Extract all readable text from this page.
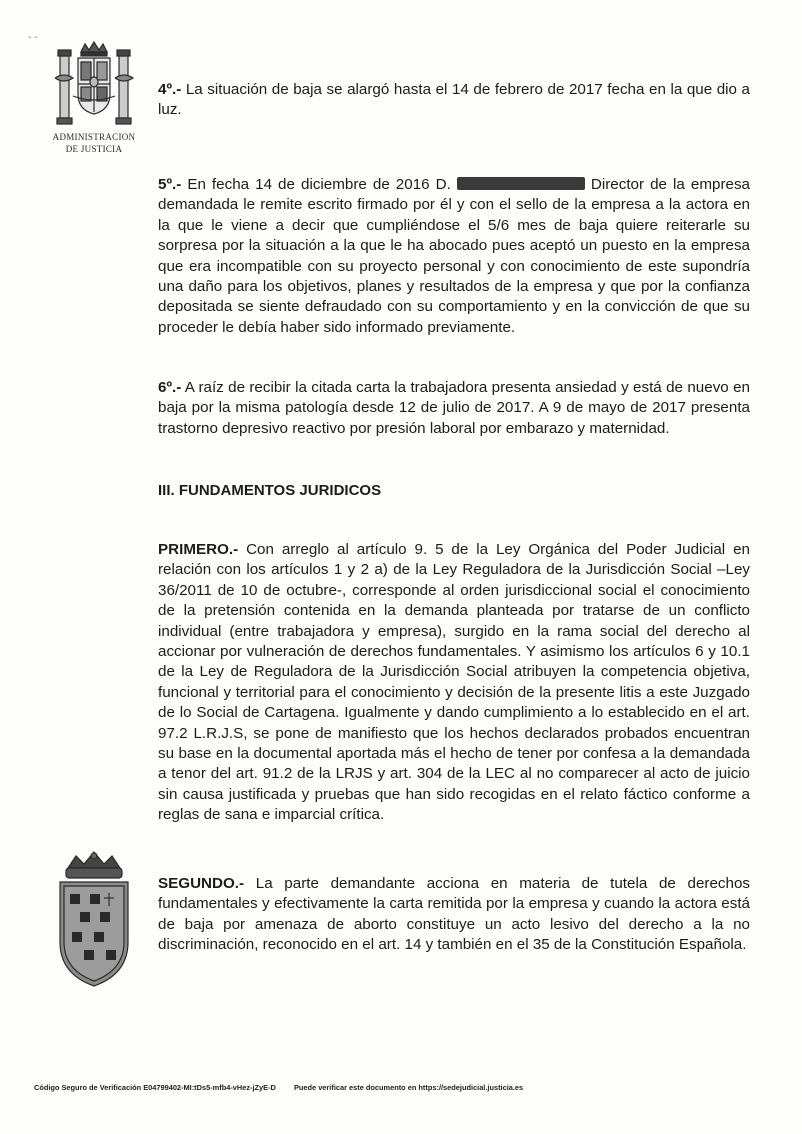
- -
ADMINISTRACION
DE JUSTICIA

4º.- La situación de baja se alargó hasta el 14 de febrero de 2017 fecha en la que dio a luz.

5º.- En fecha 14 de diciembre de 2016 D.	Director de la empresa demandada le remite escrito firmado por él y con el sello de la empresa a la actora en la que le viene a decir que cumpliéndose el 5/6 mes de baja quiere reiterarle su sorpresa por la situación a la que le ha abocado pues aceptó un puesto en la empresa que era incompatible con su proyecto personal y con conocimiento de este supondría una daño para los objetivos, planes y resultados de la empresa y que por la confianza depositada se siente defraudado con su comportamiento y en la convicción de que su proceder le debía haber sido informado previamente.

6º.- A raíz de recibir la citada carta la trabajadora presenta ansiedad y está de nuevo en baja por la misma patología desde 12 de julio de 2017. A 9 de mayo de 2017 presenta trastorno depresivo reactivo por presión laboral por embarazo y maternidad.

III. FUNDAMENTOS JURIDICOS

PRIMERO.- Con arreglo al artículo 9. 5 de la Ley Orgánica del Poder Judicial en relación con los artículos 1 y 2 a) de la Ley Reguladora de la Jurisdicción Social –Ley 36/2011 de 10 de octubre-, corresponde al orden jurisdiccional social el conocimiento de la pretensión contenida en la demanda planteada por tratarse de un conflicto individual (entre trabajadora y empresa), surgido en la rama social del derecho al accionar por vulneración de derechos fundamentales. Y asimismo los artículos 6 y 10.1 de la Ley de Reguladora de la Jurisdicción Social atribuyen la competencia objetiva, funcional y territorial para el conocimiento y decisión de la presente litis a este Juzgado de lo Social de Cartagena. Igualmente y dando cumplimiento a lo establecido en el art. 97.2 L.R.J.S, se pone de manifiesto que los hechos declarados probados encuentran su base en la documental aportada más el hecho de tener por confesa a la demandada a tenor del art. 91.2 de la LRJS y art. 304 de la LEC al no comparecer al acto de juicio sin causa justificada y pruebas que han sido recogidas en el relato fáctico conforme a reglas de sana e imparcial crítica.

SEGUNDO.- La parte demandante acciona en materia de tutela de derechos fundamentales y efectivamente la carta remitida por la empresa y cuando la actora está de baja por amenaza de aborto constituye un acto lesivo del derecho a la no discriminación, reconocido en el art. 14 y también en el 35 de la Constitución Española.

Código Seguro de Verificación E04799402-MI:tDs5-mfb4-vHez-jZyE-D Puede verificar este documento en https://sedejudicial.justicia.es
